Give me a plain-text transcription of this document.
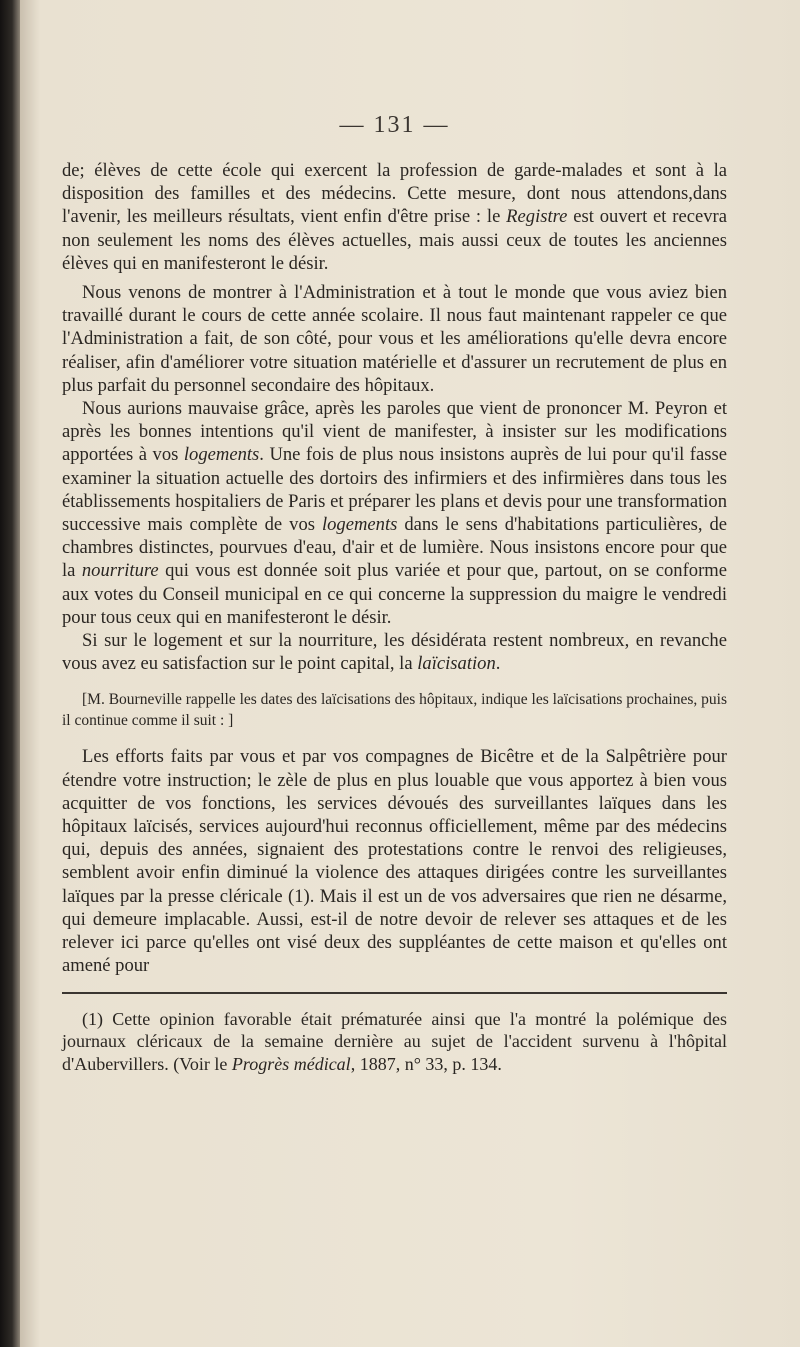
— 131 —

de; élèves de cette école qui exercent la profession de garde-malades et sont à la disposition des familles et des médecins. Cette mesure, dont nous attendons,dans l'avenir, les meilleurs résultats, vient enfin d'être prise : le Registre est ouvert et recevra non seulement les noms des élèves actuelles, mais aussi ceux de toutes les anciennes élèves qui en manifesteront le désir.

Nous venons de montrer à l'Administration et à tout le monde que vous aviez bien travaillé durant le cours de cette année scolaire. Il nous faut maintenant rappeler ce que l'Administration a fait, de son côté, pour vous et les améliorations qu'elle devra encore réaliser, afin d'améliorer votre situation matérielle et d'assurer un recrutement de plus en plus parfait du personnel secondaire des hôpitaux.

Nous aurions mauvaise grâce, après les paroles que vient de prononcer M. Peyron et après les bonnes intentions qu'il vient de manifester, à insister sur les modifications apportées à vos logements. Une fois de plus nous insistons auprès de lui pour qu'il fasse examiner la situation actuelle des dortoirs des infirmiers et des infirmières dans tous les établissements hospitaliers de Paris et préparer les plans et devis pour une transformation successive mais complète de vos logements dans le sens d'habitations particulières, de chambres distinctes, pourvues d'eau, d'air et de lumière. Nous insistons encore pour que la nourriture qui vous est donnée soit plus variée et pour que, partout, on se conforme aux votes du Conseil municipal en ce qui concerne la suppression du maigre le vendredi pour tous ceux qui en manifesteront le désir.

Si sur le logement et sur la nourriture, les désidérata restent nombreux, en revanche vous avez eu satisfaction sur le point capital, la laïcisation.

[M. Bourneville rappelle les dates des laïcisations des hôpitaux, indique les laïcisations prochaines, puis il continue comme il suit : ]

Les efforts faits par vous et par vos compagnes de Bicêtre et de la Salpêtrière pour étendre votre instruction; le zèle de plus en plus louable que vous apportez à bien vous acquitter de vos fonctions, les services dévoués des surveillantes laïques dans les hôpitaux laïcisés, services aujourd'hui reconnus officiellement, même par des médecins qui, depuis des années, signaient des protestations contre le renvoi des religieuses, semblent avoir enfin diminué la violence des attaques dirigées contre les surveillantes laïques par la presse cléricale (1). Mais il est un de vos adversaires que rien ne désarme, qui demeure implacable. Aussi, est-il de notre devoir de relever ses attaques et de les relever ici parce qu'elles ont visé deux des suppléantes de cette maison et qu'elles ont amené pour

(1) Cette opinion favorable était prématurée ainsi que l'a montré la polémique des journaux cléricaux de la semaine dernière au sujet de l'accident survenu à l'hôpital d'Aubervillers. (Voir le Progrès médical, 1887, n° 33, p. 134.
